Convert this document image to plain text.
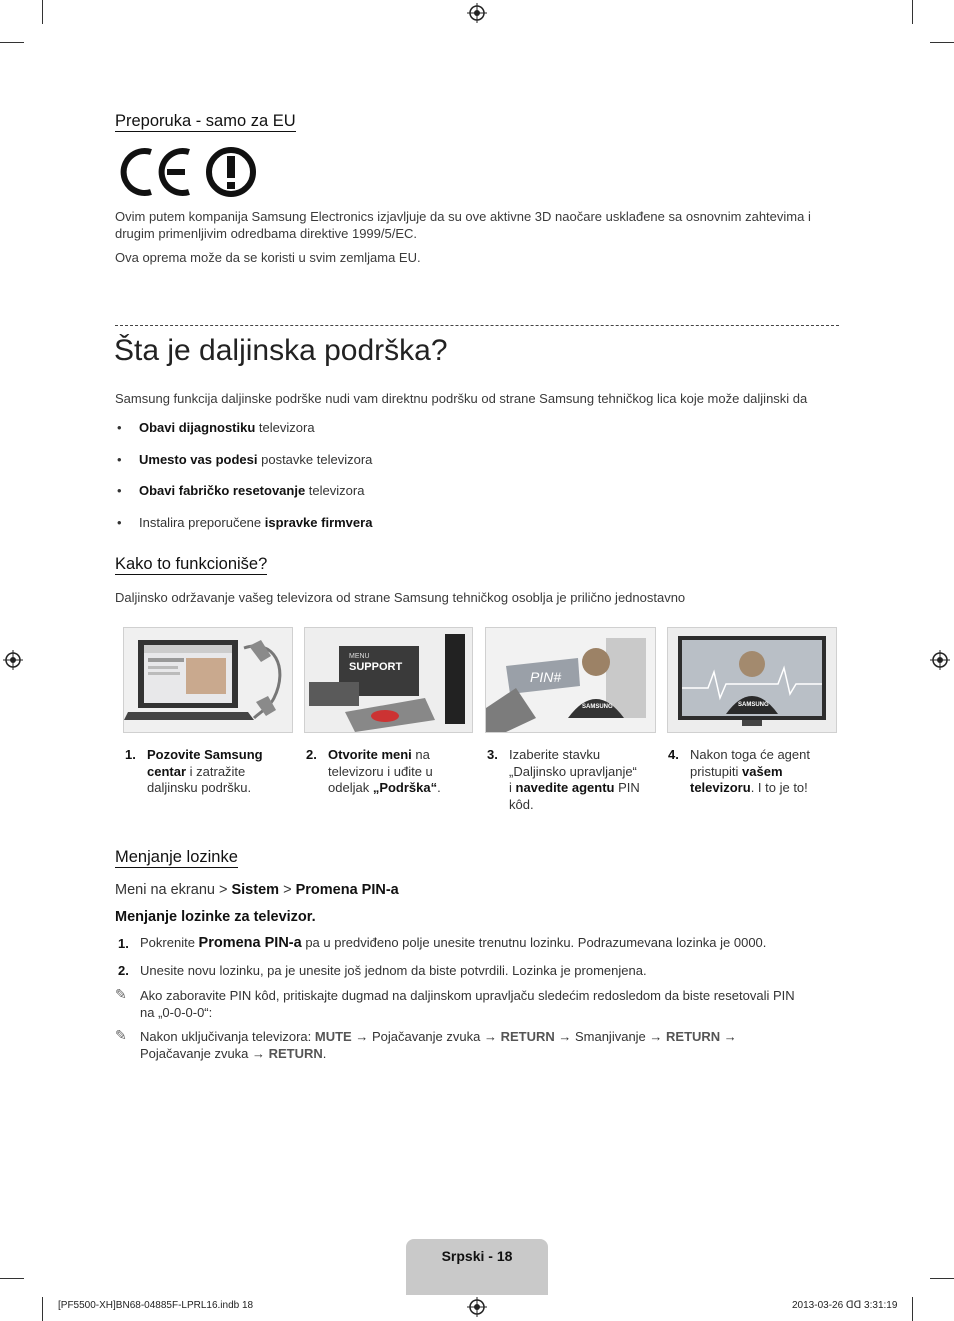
Preporuka - samo za EU
Ovim putem kompanija Samsung Electronics izjavljuje da su ove aktivne 3D naočare usklađene sa osnovnim zahtevima i drugim primenljivim odredbama direktive 1999/5/EC.
Ova oprema može da se koristi u svim zemljama EU.
Šta je daljinska podrška?
Samsung funkcija daljinske podrške nudi vam direktnu podršku od strane Samsung tehničkog lica koje može daljinski da
• Obavi dijagnostiku televizora
• Umesto vas podesi postavke televizora
• Obavi fabričko resetovanje televizora
• Instalira preporučene ispravke firmvera
Kako to funkcioniše?
Daljinsko održavanje vašeg televizora od strane Samsung tehničkog osoblja je prilično jednostavno
MENU
SUPPORT
PIN#
SAMSUNG	SAMSUNG
1. Pozovite Samsung
centar i zatražite
daljinsku podršku.
2. Otvorite meni na
televizoru i uđite u
odeljak „Podrška“.
3. Izaberite stavku
„Daljinsko upravljanje“
i navedite agentu PIN
kôd.
4. Nakon toga će agent
pristupiti vašem
televizoru. I to je to!
Menjanje lozinke
Meni na ekranu > Sistem > Promena PIN-a
Menjanje lozinke za televizor.
1. Pokrenite Promena PIN-a pa u predviđeno polje unesite trenutnu lozinku. Podrazumevana lozinka je 0000.
2. Unesite novu lozinku, pa je unesite još jednom da biste potvrdili. Lozinka je promenjena.
✎ Ako zaboravite PIN kôd, pritiskajte dugmad na daljinskom upravljaču sledećim redosledom da biste resetovali PIN
na „0-0-0-0“:
✎ Nakon uključivanja televizora: MUTE → Pojačavanje zvuka → RETURN → Smanjivanje → RETURN →
Pojačavanje zvuka → RETURN.
Srpski - 18
[PF5500-XH]BN68-04885F-LPRL16.indb 18	2013-03-26 ꓷꓷ 3:31:19
